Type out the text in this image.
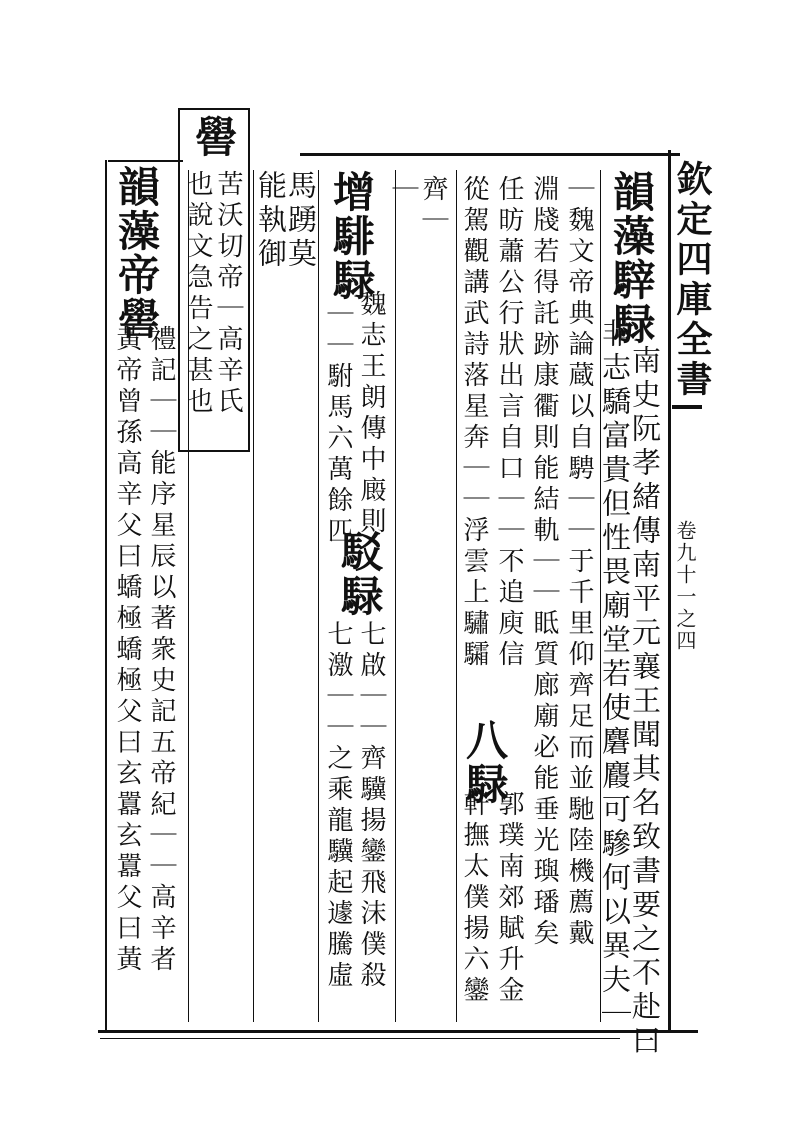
欽定四庫全書
卷九十一之四
韻藻䮨騄
南史阮孝緒傳南平元襄王聞其名致書要之不赴曰
非志驕富貴但性畏廟堂若使麏麚可驂何以異夫｜
｜魏文帝典論蔵以自騁｜｜于千里仰齊足而並馳陸機薦戴
淵牋若得託跡康衢則能結軌｜｜眡質廊廟必能垂光璵璠矣
任昉蕭公行狀出言自口｜｜不追庾信
八騄
郭璞南郊賦升金
從駕觀講武詩落星奔｜｜浮雲上驌驦
軒撫太僕揚六鑾
齊｜
｜
增騑騄
魏志王朗傳中廄則
｜｜駙馬六萬餘匹
駁騄
七啟｜｜齊驥揚鑾飛沫僕殺
七激｜｜之乘龍驥起遽騰虛
馬踴莫
能執御
嚳
苦沃切帝｜高辛氏
也說文急告之甚也
韻藻帝嚳
禮記｜｜能序星辰以著衆史記五帝紀｜｜高辛者
黃帝曾孫高辛父曰蟜極蟜極父曰玄囂玄囂父曰黃
